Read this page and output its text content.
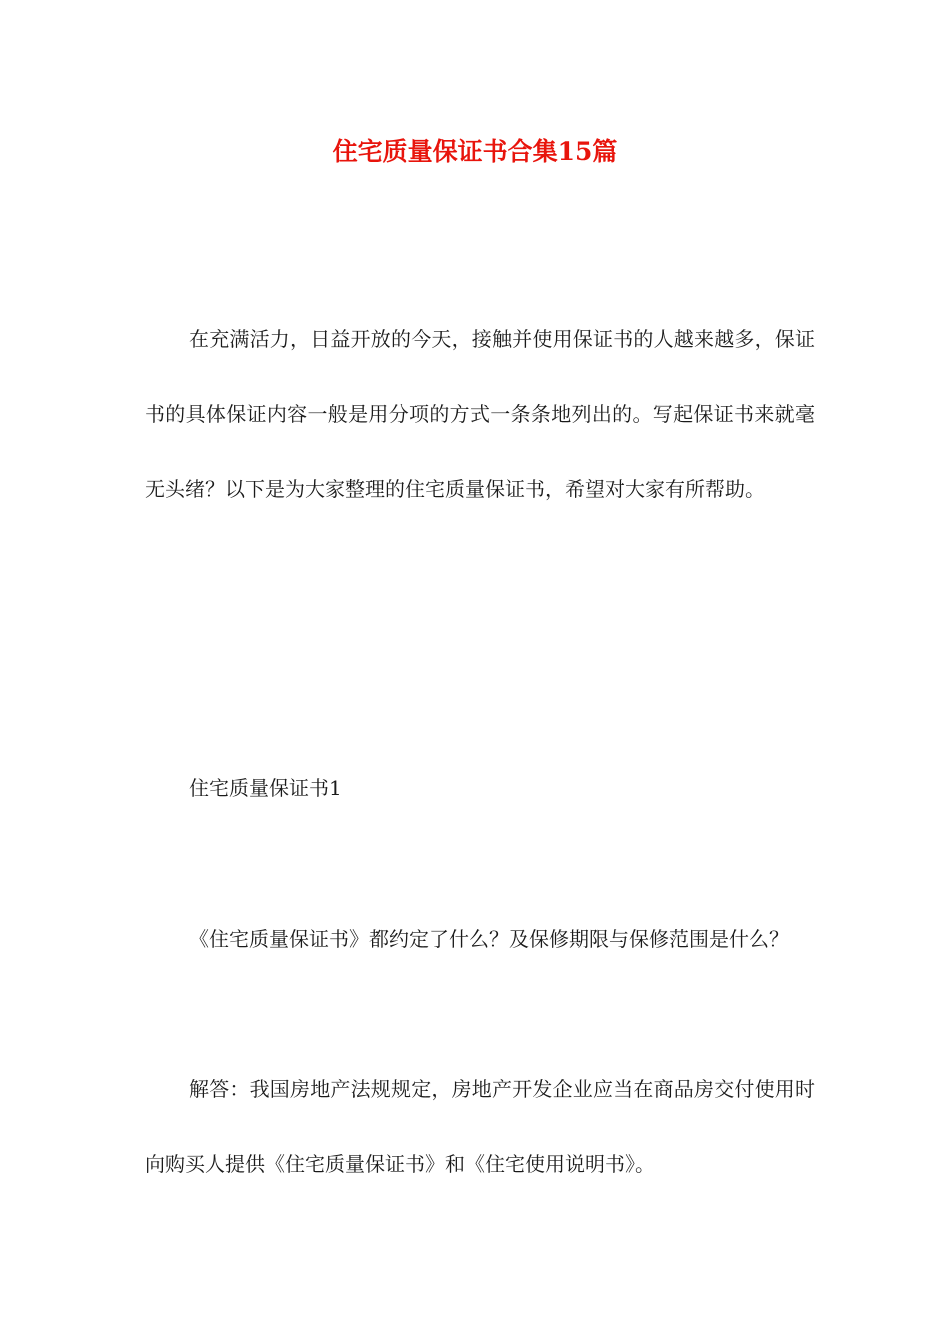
住宅质量保证书合集15篇
在充满活力，日益开放的今天，接触并使用保证书的人越来越多，保证书的具体保证内容一般是用分项的方式一条条地列出的。写起保证书来就毫无头绪？以下是为大家整理的住宅质量保证书，希望对大家有所帮助。
住宅质量保证书1
《住宅质量保证书》都约定了什么？及保修期限与保修范围是什么？
解答：我国房地产法规规定，房地产开发企业应当在商品房交付使用时向购买人提供《住宅质量保证书》和《住宅使用说明书》。
